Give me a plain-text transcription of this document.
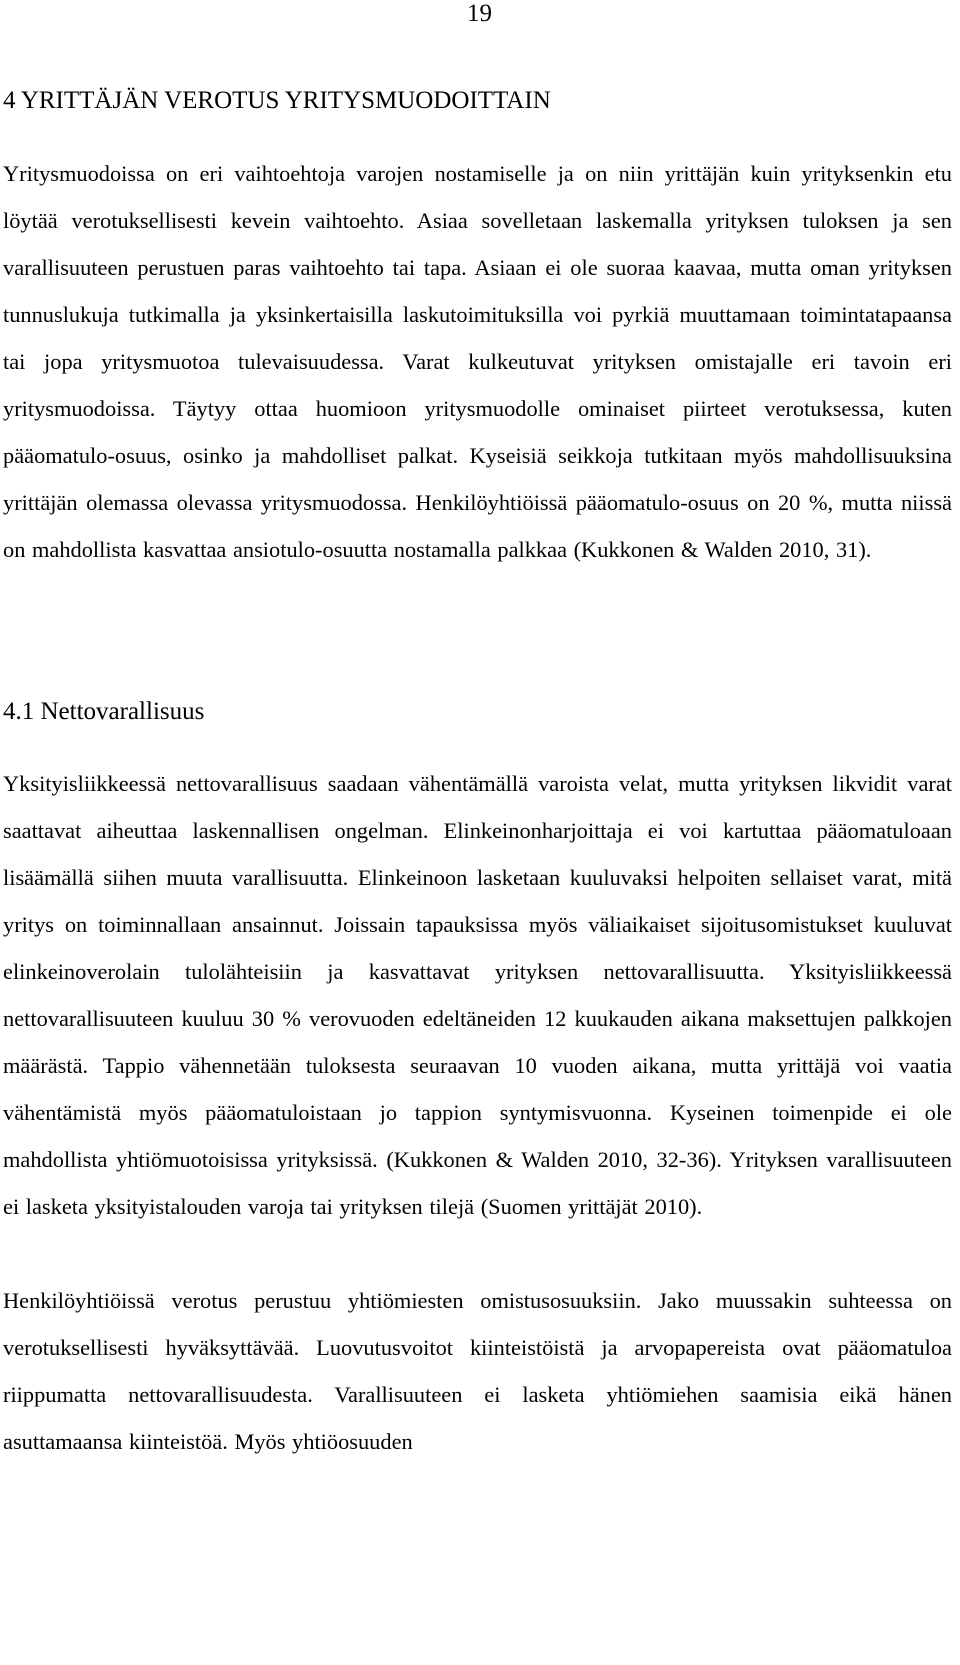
19
4 YRITTÄJÄN VEROTUS YRITYSMUODOITTAIN

Yritysmuodoissa on eri vaihtoehtoja varojen nostamiselle ja on niin yrittäjän kuin yrityksenkin etu löytää verotuksellisesti kevein vaihtoehto. Asiaa sovelletaan laskemalla yrityksen tuloksen ja sen varallisuuteen perustuen paras vaihtoehto tai tapa. Asiaan ei ole suoraa kaavaa, mutta oman yrityksen tunnuslukuja tutkimalla ja yksinkertaisilla laskutoimituksilla voi pyrkiä muuttamaan toimintatapaansa tai jopa yritysmuotoa tulevaisuudessa. Varat kulkeutuvat yrityksen omistajalle eri tavoin eri yritysmuodoissa. Täytyy ottaa huomioon yritysmuodolle ominaiset piirteet verotuksessa, kuten pääomatulo-osuus, osinko ja mahdolliset palkat. Kyseisiä seikkoja tutkitaan myös mahdollisuuksina yrittäjän olemassa olevassa yritysmuodossa. Henkilöyhtiöissä pääomatulo-osuus on 20 %, mutta niissä on mahdollista kasvattaa ansiotulo-osuutta nostamalla palkkaa (Kukkonen & Walden 2010, 31).

4.1 Nettovarallisuus

Yksityisliikkeessä nettovarallisuus saadaan vähentämällä varoista velat, mutta yrityksen likvidit varat saattavat aiheuttaa laskennallisen ongelman. Elinkeinonharjoittaja ei voi kartuttaa pääomatuloaan lisäämällä siihen muuta varallisuutta. Elinkeinoon lasketaan kuuluvaksi helpoiten sellaiset varat, mitä yritys on toiminnallaan ansainnut. Joissain tapauksissa myös väliaikaiset sijoitusomistukset kuuluvat elinkeinoverolain tulolähteisiin ja kasvattavat yrityksen nettovarallisuutta. Yksityisliikkeessä nettovarallisuuteen kuuluu 30 % verovuoden edeltäneiden 12 kuukauden aikana maksettujen palkkojen määrästä. Tappio vähennetään tuloksesta seuraavan 10 vuoden aikana, mutta yrittäjä voi vaatia vähentämistä myös pääomatuloistaan jo tappion syntymisvuonna. Kyseinen toimenpide ei ole mahdollista yhtiömuotoisissa yrityksissä. (Kukkonen & Walden 2010, 32-36). Yrityksen varallisuuteen ei lasketa yksityistalouden varoja tai yrityksen tilejä (Suomen yrittäjät 2010).

Henkilöyhtiöissä verotus perustuu yhtiömiesten omistusosuuksiin. Jako muussakin suhteessa on verotuksellisesti hyväksyttävää. Luovutusvoitot kiinteistöistä ja arvopapereista ovat pääomatuloa riippumatta nettovarallisuudesta. Varallisuuteen ei lasketa yhtiömiehen saamisia eikä hänen asuttamaansa kiinteistöä. Myös yhtiöosuuden
